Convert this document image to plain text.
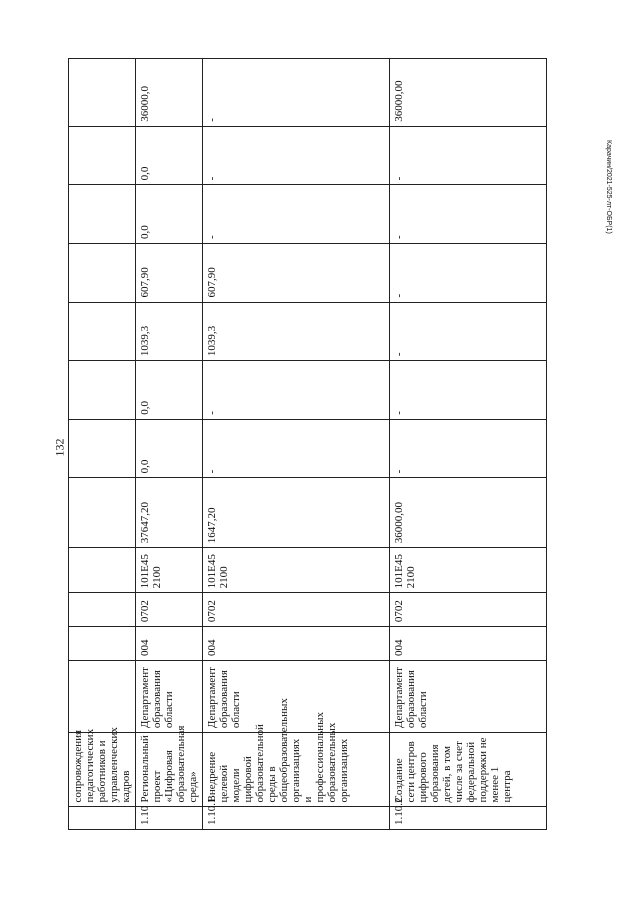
132
Карачин/2021-525-лт-ОБР(1)
	сопровождения педагогических работников и управленческих кадров												
1.10	Региональный проект «Цифровая образовательная среда»	Департамент образования области	004	0702	101E45 2100	37647,20	0,0	0,0	1039,3	607,90	0,0	0,0	36000,0
1.10.1	Внедрение целевой модели цифровой образовательной среды в общеобразовательных организациях и профессиональных образовательных организациях	Департамент образования области	004	0702	101E45 2100	1647,20	-	-	1039,3	607,90	-	-	-
1.10.2	Создание сети центров цифрового образования детей, в том числе за счет федеральной поддержки не менее 1 центра	Департамент образования области	004	0702	101E45 2100	36000,00	-	-	-	-	-	-	36000,00
